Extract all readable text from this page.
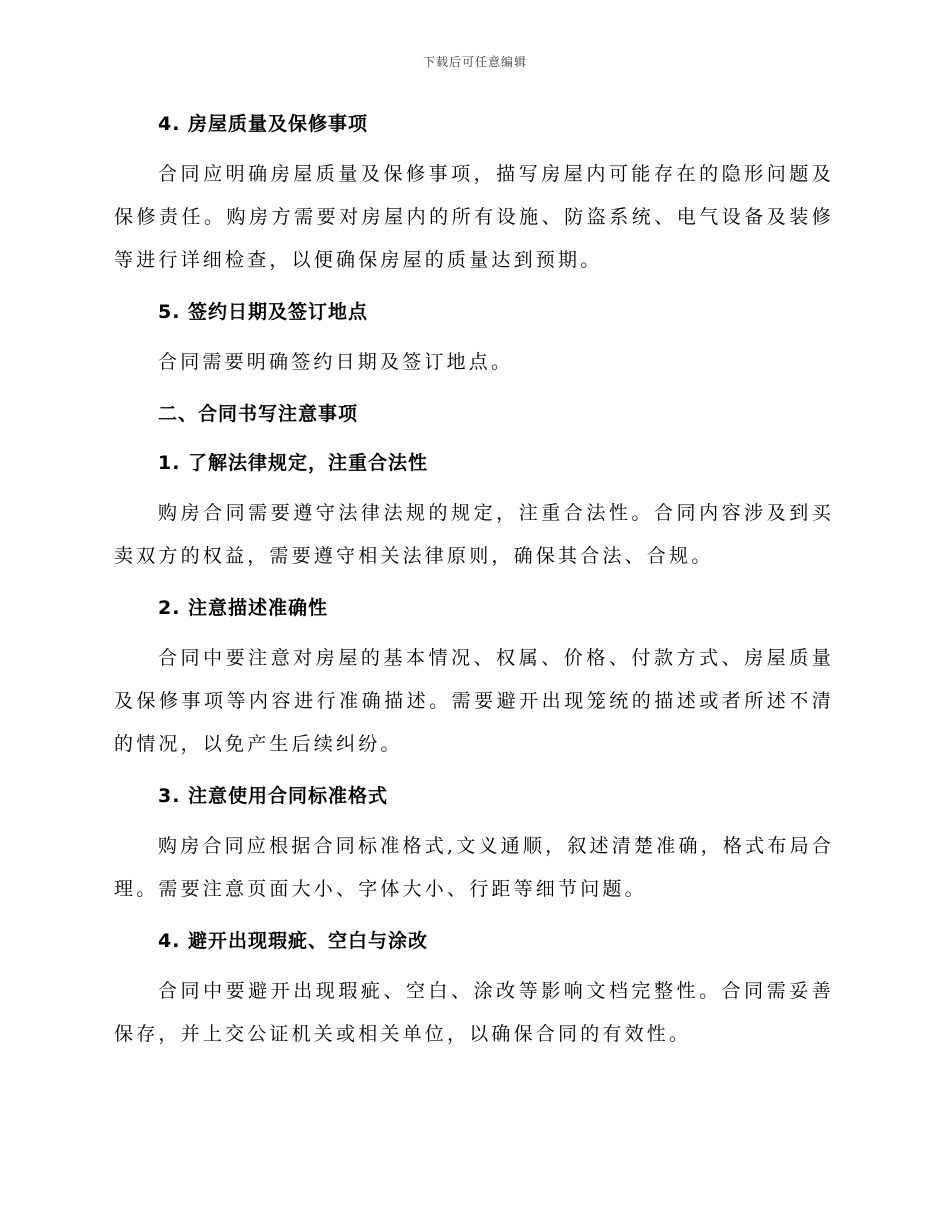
下载后可任意编辑
4. 房屋质量及保修事项
合同应明确房屋质量及保修事项，描写房屋内可能存在的隐形问题及保修责任。购房方需要对房屋内的所有设施、防盗系统、电气设备及装修等进行详细检查，以便确保房屋的质量达到预期。
5. 签约日期及签订地点
合同需要明确签约日期及签订地点。
二、合同书写注意事项
1. 了解法律规定，注重合法性
购房合同需要遵守法律法规的规定，注重合法性。合同内容涉及到买卖双方的权益，需要遵守相关法律原则，确保其合法、合规。
2. 注意描述准确性
合同中要注意对房屋的基本情况、权属、价格、付款方式、房屋质量及保修事项等内容进行准确描述。需要避开出现笼统的描述或者所述不清的情况，以免产生后续纠纷。
3. 注意使用合同标准格式
购房合同应根据合同标准格式,文义通顺，叙述清楚准确，格式布局合理。需要注意页面大小、字体大小、行距等细节问题。
4. 避开出现瑕疵、空白与涂改
合同中要避开出现瑕疵、空白、涂改等影响文档完整性。合同需妥善保存，并上交公证机关或相关单位，以确保合同的有效性。
